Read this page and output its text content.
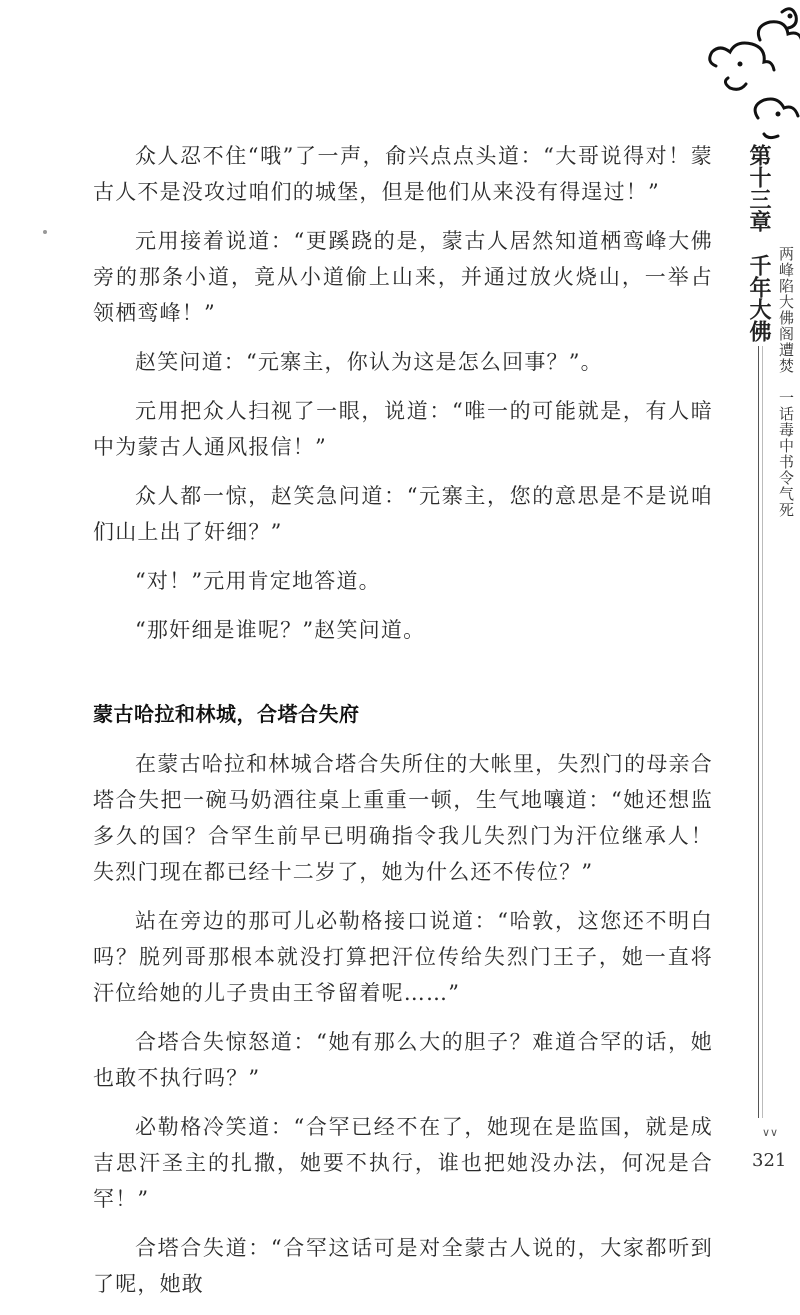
众人忍不住“哦”了一声，俞兴点点头道：“大哥说得对！蒙古人不是没攻过咱们的城堡，但是他们从来没有得逞过！”

元用接着说道：“更蹊跷的是，蒙古人居然知道栖鸾峰大佛旁的那条小道，竟从小道偷上山来，并通过放火烧山，一举占领栖鸾峰！”

赵笑问道：“元寨主，你认为这是怎么回事？”。

元用把众人扫视了一眼，说道：“唯一的可能就是，有人暗中为蒙古人通风报信！”

众人都一惊，赵笑急问道：“元寨主，您的意思是不是说咱们山上出了奸细？”

“对！”元用肯定地答道。

“那奸细是谁呢？”赵笑问道。

蒙古哈拉和林城，合塔合失府

在蒙古哈拉和林城合塔合失所住的大帐里，失烈门的母亲合塔合失把一碗马奶酒往桌上重重一顿，生气地嚷道：“她还想监多久的国？合罕生前早已明确指令我儿失烈门为汗位继承人！失烈门现在都已经十二岁了，她为什么还不传位？”

站在旁边的那可儿必勒格接口说道：“哈敦，这您还不明白吗？脱列哥那根本就没打算把汗位传给失烈门王子，她一直将汗位给她的儿子贵由王爷留着呢……”

合塔合失惊怒道：“她有那么大的胆子？难道合罕的话，她也敢不执行吗？”

必勒格冷笑道：“合罕已经不在了，她现在是监国，就是成吉思汗圣主的扎撒，她要不执行，谁也把她没办法，何况是合罕！”

合塔合失道：“合罕这话可是对全蒙古人说的，大家都听到了呢，她敢

第十三章　千年大佛
两峰陷大佛阁遭焚　一话毒中书令气死
∨∨
321
